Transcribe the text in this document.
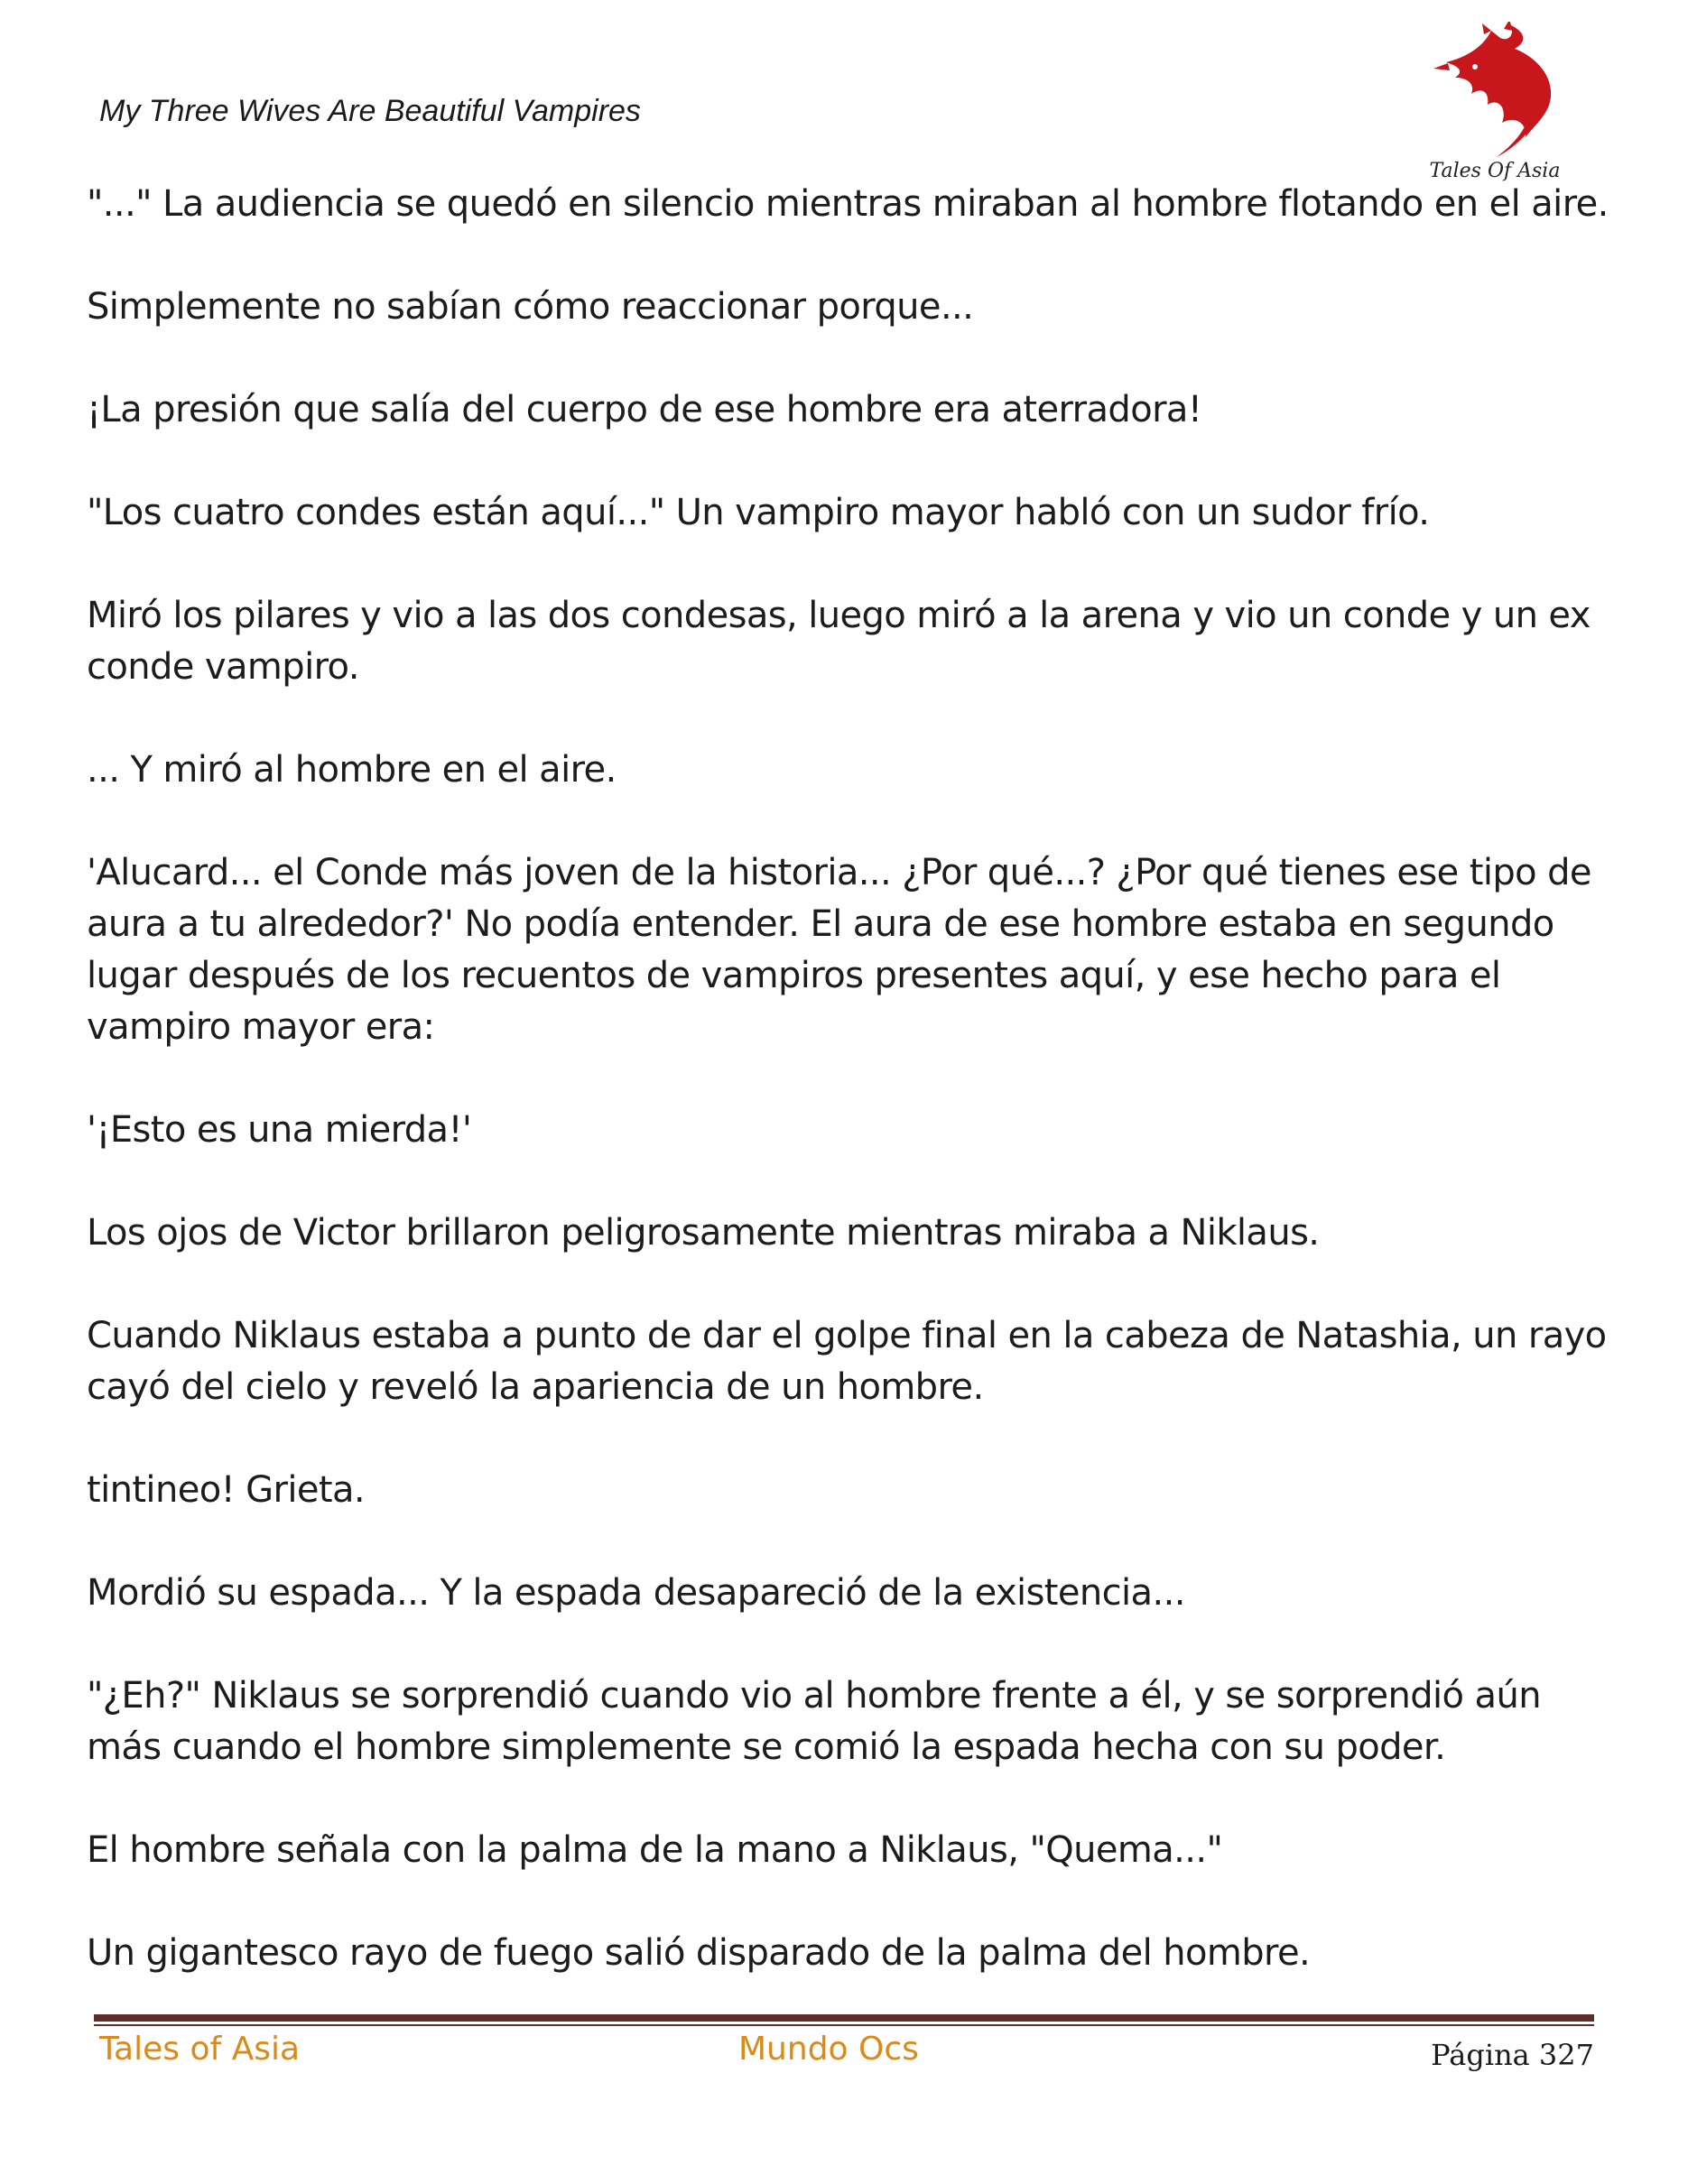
My Three Wives Are Beautiful Vampires
Tales Of Asia

"..." La audiencia se quedó en silencio mientras miraban al hombre flotando en el aire.

Simplemente no sabían cómo reaccionar porque...

¡La presión que salía del cuerpo de ese hombre era aterradora!

"Los cuatro condes están aquí..." Un vampiro mayor habló con un sudor frío.

Miró los pilares y vio a las dos condesas, luego miró a la arena y vio un conde y un ex conde vampiro.

... Y miró al hombre en el aire.

'Alucard... el Conde más joven de la historia... ¿Por qué...? ¿Por qué tienes ese tipo de aura a tu alrededor?' No podía entender. El aura de ese hombre estaba en segundo lugar después de los recuentos de vampiros presentes aquí, y ese hecho para el vampiro mayor era:

'¡Esto es una mierda!'

Los ojos de Victor brillaron peligrosamente mientras miraba a Niklaus.

Cuando Niklaus estaba a punto de dar el golpe final en la cabeza de Natashia, un rayo cayó del cielo y reveló la apariencia de un hombre.

tintineo! Grieta.

Mordió su espada... Y la espada desapareció de la existencia...

"¿Eh?" Niklaus se sorprendió cuando vio al hombre frente a él, y se sorprendió aún más cuando el hombre simplemente se comió la espada hecha con su poder.

El hombre señala con la palma de la mano a Niklaus, "Quema..."

Un gigantesco rayo de fuego salió disparado de la palma del hombre.

Tales of Asia	Mundo Ocs	Página 327
